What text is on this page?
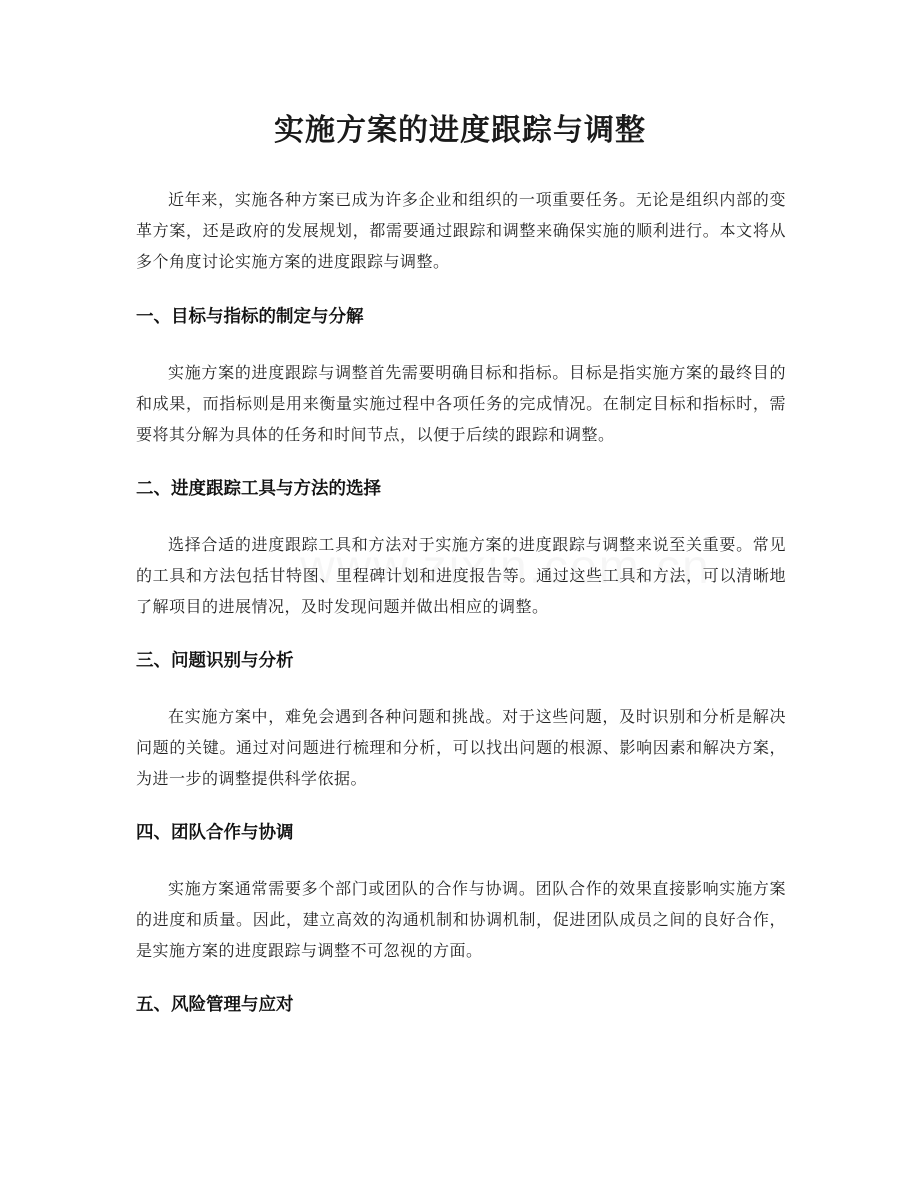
实施方案的进度跟踪与调整

近年来，实施各种方案已成为许多企业和组织的一项重要任务。无论是组织内部的变革方案，还是政府的发展规划，都需要通过跟踪和调整来确保实施的顺利进行。本文将从多个角度讨论实施方案的进度跟踪与调整。

一、目标与指标的制定与分解

实施方案的进度跟踪与调整首先需要明确目标和指标。目标是指实施方案的最终目的和成果，而指标则是用来衡量实施过程中各项任务的完成情况。在制定目标和指标时，需要将其分解为具体的任务和时间节点，以便于后续的跟踪和调整。

二、进度跟踪工具与方法的选择

选择合适的进度跟踪工具和方法对于实施方案的进度跟踪与调整来说至关重要。常见的工具和方法包括甘特图、里程碑计划和进度报告等。通过这些工具和方法，可以清晰地了解项目的进展情况，及时发现问题并做出相应的调整。

三、问题识别与分析

在实施方案中，难免会遇到各种问题和挑战。对于这些问题，及时识别和分析是解决问题的关键。通过对问题进行梳理和分析，可以找出问题的根源、影响因素和解决方案，为进一步的调整提供科学依据。

四、团队合作与协调

实施方案通常需要多个部门或团队的合作与协调。团队合作的效果直接影响实施方案的进度和质量。因此，建立高效的沟通机制和协调机制，促进团队成员之间的良好合作，是实施方案的进度跟踪与调整不可忽视的方面。

五、风险管理与应对
